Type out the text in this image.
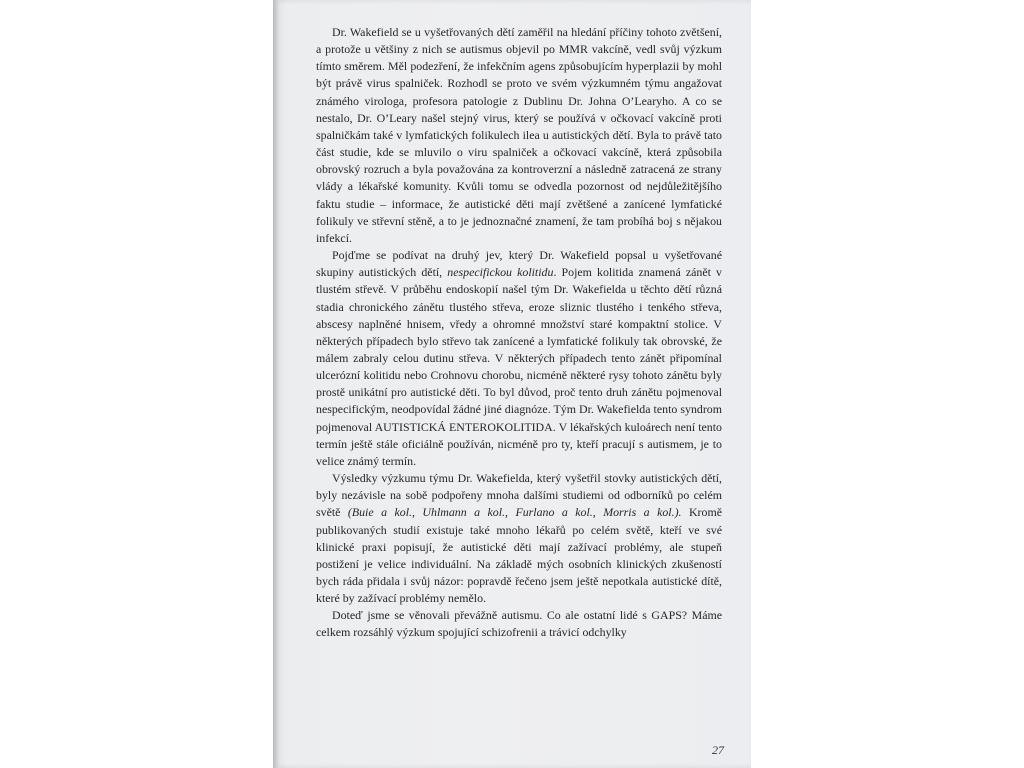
Dr. Wakefield se u vyšetřovaných dětí zaměřil na hledání příčiny tohoto zvětšení, a protože u většiny z nich se autismus objevil po MMR vakcíně, vedl svůj výzkum tímto směrem. Měl podezření, že infekčním agens způsobujícím hyperplazii by mohl být právě virus spalniček. Rozhodl se proto ve svém výzkumném týmu angažovat známého virologa, profesora patologie z Dublinu Dr. Johna O’Learyho. A co se nestalo, Dr. O’Leary našel stejný virus, který se používá v očkovací vakcíně proti spalničkám také v lymfatických folikulech ilea u autistických dětí. Byla to právě tato část studie, kde se mluvilo o viru spalniček a očkovací vakcíně, která způsobila obrovský rozruch a byla považována za kontroverzní a následně zatracená ze strany vlády a lékařské komunity. Kvůli tomu se odvedla pozornost od nejdůležitějšího faktu studie – informace, že autistické děti mají zvětšené a zanícené lymfatické folikuly ve střevní stěně, a to je jednoznačné znamení, že tam probíhá boj s nějakou infekcí.

Pojďme se podívat na druhý jev, který Dr. Wakefield popsal u vyšetřované skupiny autistických dětí, nespecifickou kolitidu. Pojem kolitida znamená zánět v tlustém střevě. V průběhu endoskopií našel tým Dr. Wakefielda u těchto dětí různá stadia chronického zánětu tlustého střeva, eroze sliznic tlustého i tenkého střeva, abscesy naplněné hnisem, vředy a ohromné množství staré kompaktní stolice. V některých případech bylo střevo tak zanícené a lymfatické folikuly tak obrovské, že málem zabraly celou dutinu střeva. V některých případech tento zánět připomínal ulcerózní kolitidu nebo Crohnovu chorobu, nicméně některé rysy tohoto zánětu byly prostě unikátní pro autistické děti. To byl důvod, proč tento druh zánětu pojmenoval nespecifickým, neodpovídal žádné jiné diagnóze. Tým Dr. Wakefielda tento syndrom pojmenoval AUTISTICKÁ ENTEROKOLITIDA. V lékařských kuloárech není tento termín ještě stále oficiálně používán, nicméně pro ty, kteří pracují s autismem, je to velice známý termín.

Výsledky výzkumu týmu Dr. Wakefielda, který vyšetřil stovky autistických dětí, byly nezávisle na sobě podpořeny mnoha dalšími studiemi od odborníků po celém světě (Buie a kol., Uhlmann a kol., Furlano a kol., Morris a kol.). Kromě publikovaných studií existuje také mnoho lékařů po celém světě, kteří ve své klinické praxi popisují, že autistické děti mají zažívací problémy, ale stupeň postižení je velice individuální. Na základě mých osobních klinických zkušeností bych ráda přidala i svůj názor: popravdě řečeno jsem ještě nepotkala autistické dítě, které by zažívací problémy nemělo.

Doteď jsme se věnovali převážně autismu. Co ale ostatní lidé s GAPS? Máme celkem rozsáhlý výzkum spojující schizofrenii a trávicí odchylky

27
